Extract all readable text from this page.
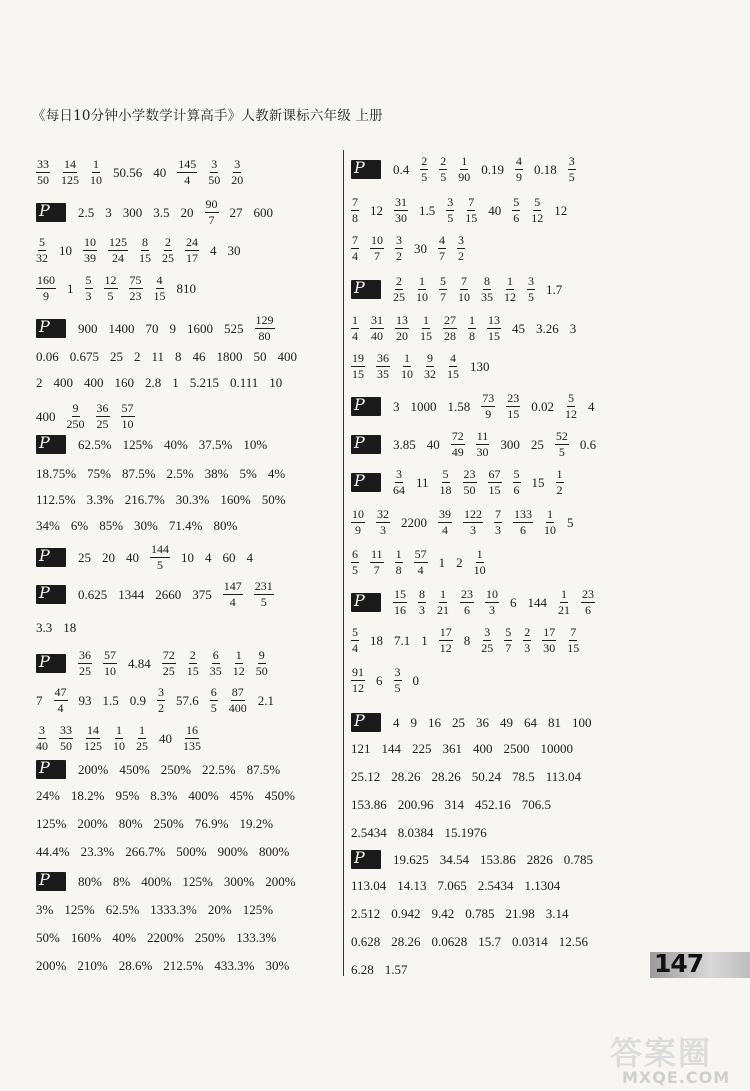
《每日10分钟小学数学计算高手》人教新课标六年级 上册
$\frac{33}{50} \frac{14}{125} \frac{1}{10} 50.56$ $40 \frac{145}{4} \frac{3}{50} \frac{3}{20}$
P
2.5 3 300 3.5 $20 \frac{90}{7} 27$ 600
$\frac{5}{32} 10 \frac{10}{39} \frac{125}{24} \frac{8}{15} \frac{2}{25} \frac{24}{17} 4$ 30
$\frac{160}{9} 1 \frac{5}{3} \frac{12}{5} \frac{75}{23} \frac{4}{15} 810$
P
900 1400 70 9 1600 $525 \frac{129}{80}$
0.06 0.675 25 2 11 8 46 1800 50 400
2 400 400 160 2.8 1 5.215 0.111 10
$400 \frac{9}{250} \frac{36}{25} \frac{57}{10}$
P
62.5% 125% 40% 37.5% 10%
18.75% 75% 87.5% 2.5% 38% 5% 4%
112.5% 3.3% 216.7% 30.3% 160% 50%
34% 6% 85% 30% 71.4% 80%
P
25 20 $40 \frac{144}{5} 10$ 4 60 4
P
0.625 1344 2660 $375 \frac{147}{4} \frac{231}{5}$
3.3 18
P
$\frac{36}{25} \frac{57}{10} 4.84 \frac{72}{25} \frac{2}{15} \frac{6}{35} \frac{1}{12} \frac{9}{50}$
$7 \frac{47}{4} 93$ 1.5 $0.9 \frac{3}{2} 57.6 \frac{6}{5} \frac{87}{400} 2.1$
$\frac{3}{40} \frac{33}{50} \frac{14}{125} \frac{1}{10} \frac{1}{25} 40 \frac{16}{135}$
P
200% 450% 250% 22.5% 87.5%
24% 18.2% 95% 8.3% 400% 45% 450%
125% 200% 80% 250% 76.9% 19.2%
44.4% 23.3% 266.7% 500% 900% 800%
P
80% 8% 400% 125% 300% 200%
3% 125% 62.5% 1333.3% 20% 125%
50% 160% 40% 2200% 250% 133.3%
200% 210% 28.6% 212.5% 433.3% 30%
P
$0.4 \frac{2}{5} \frac{2}{5} \frac{1}{90} 0.19 \frac{4}{9} 0.18 \frac{3}{5}$
$\frac{7}{8} 12 \frac{31}{30} 1.5 \frac{3}{5} \frac{7}{15} 40 \frac{5}{6} \frac{5}{12} 12$
$\frac{7}{4} \frac{10}{7} \frac{3}{2} 30 \frac{4}{7} \frac{3}{2}$
P
$\frac{2}{25} \frac{1}{10} \frac{5}{7} \frac{7}{10} \frac{8}{35} \frac{1}{12} \frac{3}{5} 1.7$
$\frac{1}{4} \frac{31}{40} \frac{13}{20} \frac{1}{15} \frac{27}{28} \frac{1}{8} \frac{13}{15} 45$ 3.26 3
$\frac{19}{15} \frac{36}{35} \frac{1}{10} \frac{9}{32} \frac{4}{15} 130$
P
3 1000 $1.58 \frac{73}{9} \frac{23}{15} 0.02 \frac{5}{12} 4$
P
3.85 $40 \frac{72}{49} \frac{11}{30} 300$ $25 \frac{52}{5} 0.6$
P
$\frac{3}{64} 11 \frac{5}{18} \frac{23}{50} \frac{67}{15} \frac{5}{6} 15 \frac{1}{2}$
$\frac{10}{9} \frac{32}{3} 2200 \frac{39}{4} \frac{122}{3} \frac{7}{3} \frac{133}{6} \frac{1}{10} 5$
$\frac{6}{5} \frac{11}{7} \frac{1}{8} \frac{57}{4} 1$ $2 \frac{1}{10}$
P
$\frac{15}{16} \frac{8}{3} \frac{1}{21} \frac{23}{6} \frac{10}{3} 6$ $144 \frac{1}{21} \frac{23}{6}$
$\frac{5}{4} 18$ 7.1 $1 \frac{17}{12} 8 \frac{3}{25} \frac{5}{7} \frac{2}{3} \frac{17}{30} \frac{7}{15}$
$\frac{91}{12} 6 \frac{3}{5} 0$
P
4 9 16 25 36 49 64 81 100
121 144 225 361 400 2500 10000
25.12 28.26 28.26 50.24 78.5 113.04
153.86 200.96 314 452.16 706.5
2.5434 8.0384 15.1976
P
19.625 34.54 153.86 2826 0.785
113.04 14.13 7.065 2.5434 1.1304
2.512 0.942 9.42 0.785 21.98 3.14
0.628 28.26 0.0628 15.7 0.0314 12.56
6.28 1.57	147
答案圈
MXQE.COM
